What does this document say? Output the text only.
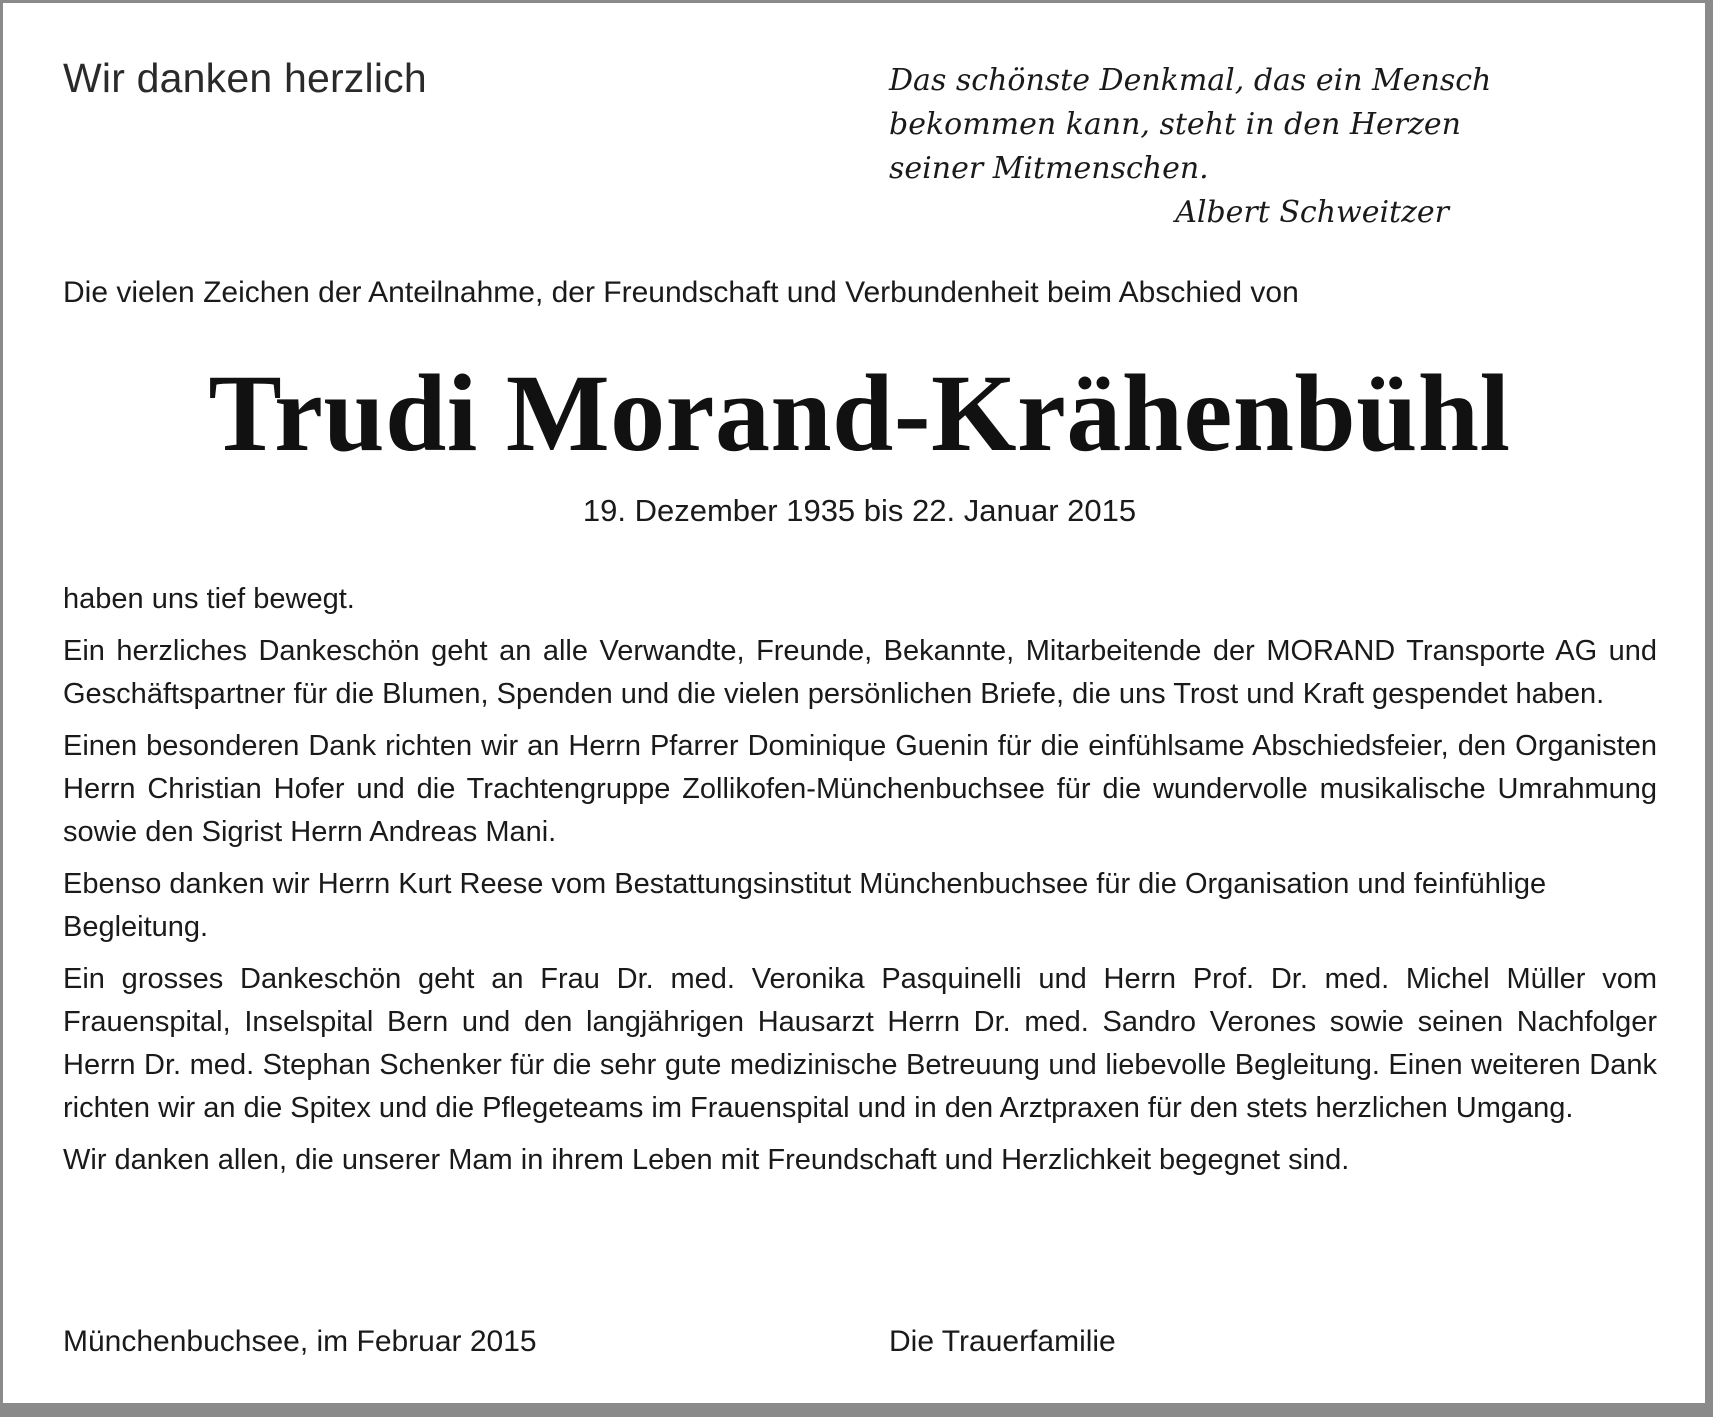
Wir danken herzlich	Das schönste Denkmal, das ein Mensch
bekommen kann, steht in den Herzen
seiner Mitmenschen.
Albert Schweitzer

Die vielen Zeichen der Anteilnahme, der Freundschaft und Verbundenheit beim Abschied von

Trudi Morand-Krähenbühl

19. Dezember 1935 bis 22. Januar 2015

haben uns tief bewegt.

Ein herzliches Dankeschön geht an alle Verwandte, Freunde, Bekannte, Mitarbeitende der MORAND Transporte AG und Geschäftspartner für die Blumen, Spenden und die vielen persönlichen Briefe, die uns Trost und Kraft gespendet haben.

Einen besonderen Dank richten wir an Herrn Pfarrer Dominique Guenin für die einfühlsame Abschiedsfeier, den Organisten Herrn Christian Hofer und die Trachtengruppe Zollikofen-Münchenbuchsee für die wundervolle musikalische Umrahmung sowie den Sigrist Herrn Andreas Mani.

Ebenso danken wir Herrn Kurt Reese vom Bestattungsinstitut Münchenbuchsee für die Organisation und feinfühlige Begleitung.

Ein grosses Dankeschön geht an Frau Dr. med. Veronika Pasquinelli und Herrn Prof. Dr. med. Michel Müller vom Frauenspital, Inselspital Bern und den langjährigen Hausarzt Herrn Dr. med. Sandro Verones sowie seinen Nachfolger Herrn Dr. med. Stephan Schenker für die sehr gute medizinische Betreuung und liebevolle Begleitung. Einen weiteren Dank richten wir an die Spitex und die Pflegeteams im Frauenspital und in den Arztpraxen für den stets herzlichen Umgang.

Wir danken allen, die unserer Mam in ihrem Leben mit Freundschaft und Herzlichkeit begegnet sind.

Münchenbuchsee, im Februar 2015	Die Trauerfamilie
